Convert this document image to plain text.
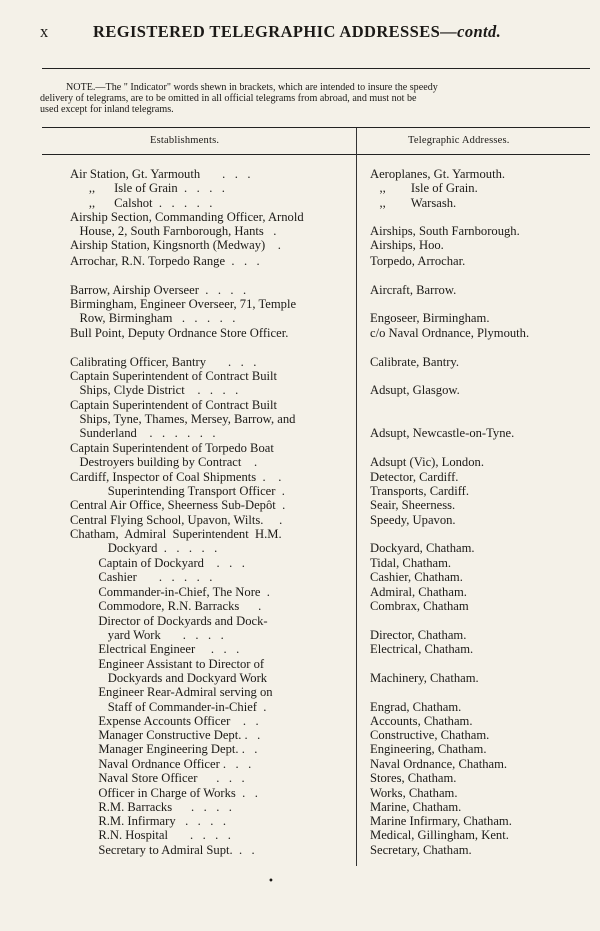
x	REGISTERED TELEGRAPHIC ADDRESSES—contd.
NOTE.—The " Indicator" words shewn in brackets, which are intended to insure the speedy
delivery of telegrams, are to be omitted in all official telegrams from abroad, and must not be
used except for inland telegrams.
Establishments.	Telegraphic Addresses.
Air Station, Gt. Yarmouth       .   .   .
,,      Isle of Grain  .   .   .   .
,,      Calshot  .   .   .   .   .
Airship Section, Commanding Officer, Arnold
House, 2, South Farnborough, Hants   .
Airship Station, Kingsnorth (Medway)    .
Arrochar, R.N. Torpedo Range  .   .   .
Barrow, Airship Overseer  .   .   .   .
Birmingham, Engineer Overseer, 71, Temple
Row, Birmingham   .   .   .   .   .
Bull Point, Deputy Ordnance Store Officer.
Calibrating Officer, Bantry       .   .   .
Captain Superintendent of Contract Built
Ships, Clyde District    .   .   .   .
Captain Superintendent of Contract Built
Ships, Tyne, Thames, Mersey, Barrow, and
Sunderland    .   .   .   .   .   .
Captain Superintendent of Torpedo Boat
Destroyers building by Contract    .
Cardiff, Inspector of Coal Shipments  .    .
Superintending Transport Officer  .
Central Air Office, Sheerness Sub-Depôt  .
Central Flying School, Upavon, Wilts.     .
Chatham,  Admiral  Superintendent  H.M.
Dockyard  .   .   .   .   .
Captain of Dockyard    .   .   .
Cashier       .   .   .   .   .
Commander-in-Chief, The Nore  .
Commodore, R.N. Barracks      .
Director of Dockyards and Dock-
yard Work       .   .   .   .
Electrical Engineer     .   .   .
Engineer Assistant to Director of
Dockyards and Dockyard Work
Engineer Rear-Admiral serving on
Staff of Commander-in-Chief  .
Expense Accounts Officer    .   .
Manager Constructive Dept. .   .
Manager Engineering Dept. .   .
Naval Ordnance Officer .   .   .
Naval Store Officer      .   .   .
Officer in Charge of Works  .   .
R.M. Barracks      .   .   .   .
R.M. Infirmary   .   .   .   .
R.N. Hospital       .   .   .   .
Secretary to Admiral Supt.  .   .
Aeroplanes, Gt. Yarmouth.
,,        Isle of Grain.
,,        Warsash.
Airships, South Farnborough.
Airships, Hoo.
Torpedo, Arrochar.
Aircraft, Barrow.
Engoseer, Birmingham.
c/o Naval Ordnance, Plymouth.
Calibrate, Bantry.
Adsupt, Glasgow.
Adsupt, Newcastle-on-Tyne.
Adsupt (Vic), London.
Detector, Cardiff.
Transports, Cardiff.
Seair, Sheerness.
Speedy, Upavon.
Dockyard, Chatham.
Tidal, Chatham.
Cashier, Chatham.
Admiral, Chatham.
Combrax, Chatham
Director, Chatham.
Electrical, Chatham.
Machinery, Chatham.
Engrad, Chatham.
Accounts, Chatham.
Constructive, Chatham.
Engineering, Chatham.
Naval Ordnance, Chatham.
Stores, Chatham.
Works, Chatham.
Marine, Chatham.
Marine Infirmary, Chatham.
Medical, Gillingham, Kent.
Secretary, Chatham.
•
